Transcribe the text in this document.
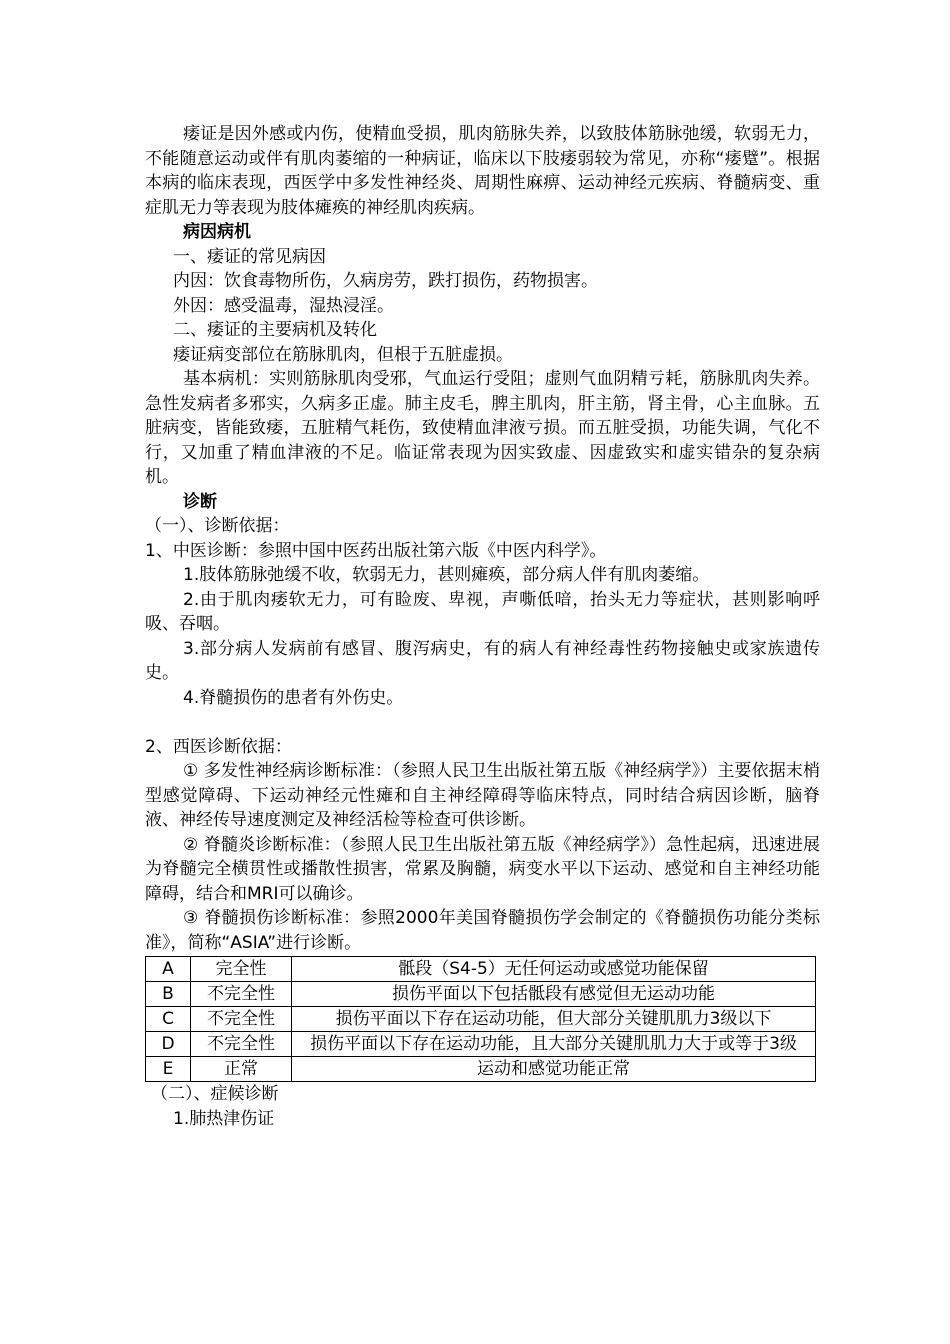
痿证是因外感或内伤，使精血受损，肌肉筋脉失养，以致肢体筋脉弛缓，软弱无力，不能随意运动或伴有肌肉萎缩的一种病证，临床以下肢痿弱较为常见，亦称“痿躄”。根据本病的临床表现，西医学中多发性神经炎、周期性麻痹、运动神经元疾病、脊髓病变、重症肌无力等表现为肢体瘫痪的神经肌肉疾病。

病因病机

一、痿证的常见病因

内因：饮食毒物所伤，久病房劳，跌打损伤，药物损害。

外因：感受温毒，湿热浸淫。

二、痿证的主要病机及转化

痿证病变部位在筋脉肌肉，但根于五脏虚损。

基本病机：实则筋脉肌肉受邪，气血运行受阻；虚则气血阴精亏耗，筋脉肌肉失养。急性发病者多邪实，久病多正虚。肺主皮毛，脾主肌肉，肝主筋，肾主骨，心主血脉。五脏病变，皆能致痿，五脏精气耗伤，致使精血津液亏损。而五脏受损，功能失调，气化不行，又加重了精血津液的不足。临证常表现为因实致虚、因虚致实和虚实错杂的复杂病机。

诊断

（一）、诊断依据：

1、中医诊断：参照中国中医药出版社第六版《中医内科学》。

1.肢体筋脉弛缓不收，软弱无力，甚则瘫痪，部分病人伴有肌肉萎缩。

2.由于肌肉痿软无力，可有睑废、卑视，声嘶低喑，抬头无力等症状，甚则影响呼吸、吞咽。

3.部分病人发病前有感冒、腹泻病史，有的病人有神经毒性药物接触史或家族遗传史。

4.脊髓损伤的患者有外伤史。

2、西医诊断依据：

① 多发性神经病诊断标准：（参照人民卫生出版社第五版《神经病学》）主要依据末梢型感觉障碍、下运动神经元性瘫和自主神经障碍等临床特点，同时结合病因诊断，脑脊液、神经传导速度测定及神经活检等检查可供诊断。

② 脊髓炎诊断标准：（参照人民卫生出版社第五版《神经病学》）急性起病，迅速进展为脊髓完全横贯性或播散性损害，常累及胸髓，病变水平以下运动、感觉和自主神经功能障碍，结合和MRI可以确诊。

③ 脊髓损伤诊断标准：参照2000年美国脊髓损伤学会制定的《脊髓损伤功能分类标准》，简称“ASIA”进行诊断。

A	完全性	骶段（S4-5）无任何运动或感觉功能保留
B	不完全性	损伤平面以下包括骶段有感觉但无运动功能
C	不完全性	损伤平面以下存在运动功能，但大部分关键肌肌力3级以下
D	不完全性	损伤平面以下存在运动功能，且大部分关键肌肌力大于或等于3级
E	正常	运动和感觉功能正常

（二）、症候诊断

1.肺热津伤证
